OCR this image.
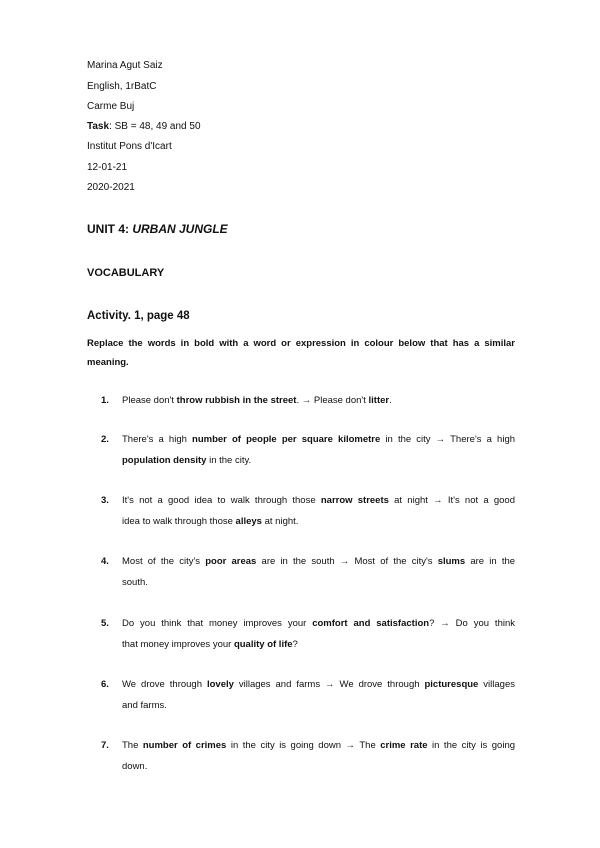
Marina Agut Saiz
English, 1rBatC
Carme Buj
Task: SB = 48, 49 and 50
Institut Pons d'Icart
12-01-21
2020-2021
UNIT 4: URBAN JUNGLE
VOCABULARY
Activity. 1, page 48
Replace the words in bold with a word or expression in colour below that has a similar
meaning.
1. Please don't throw rubbish in the street. → Please don't litter.
2. There's a high number of people per square kilometre in the city → There's a high
population density in the city.
3. It's not a good idea to walk through those narrow streets at night → It's not a good
idea to walk through those alleys at night.
4. Most of the city's poor areas are in the south → Most of the city's slums are in the
south.
5. Do you think that money improves your comfort and satisfaction? → Do you think
that money improves your quality of life?
6. We drove through lovely villages and farms → We drove through picturesque villages
and farms.
7. The number of crimes in the city is going down → The crime rate in the city is going
down.
